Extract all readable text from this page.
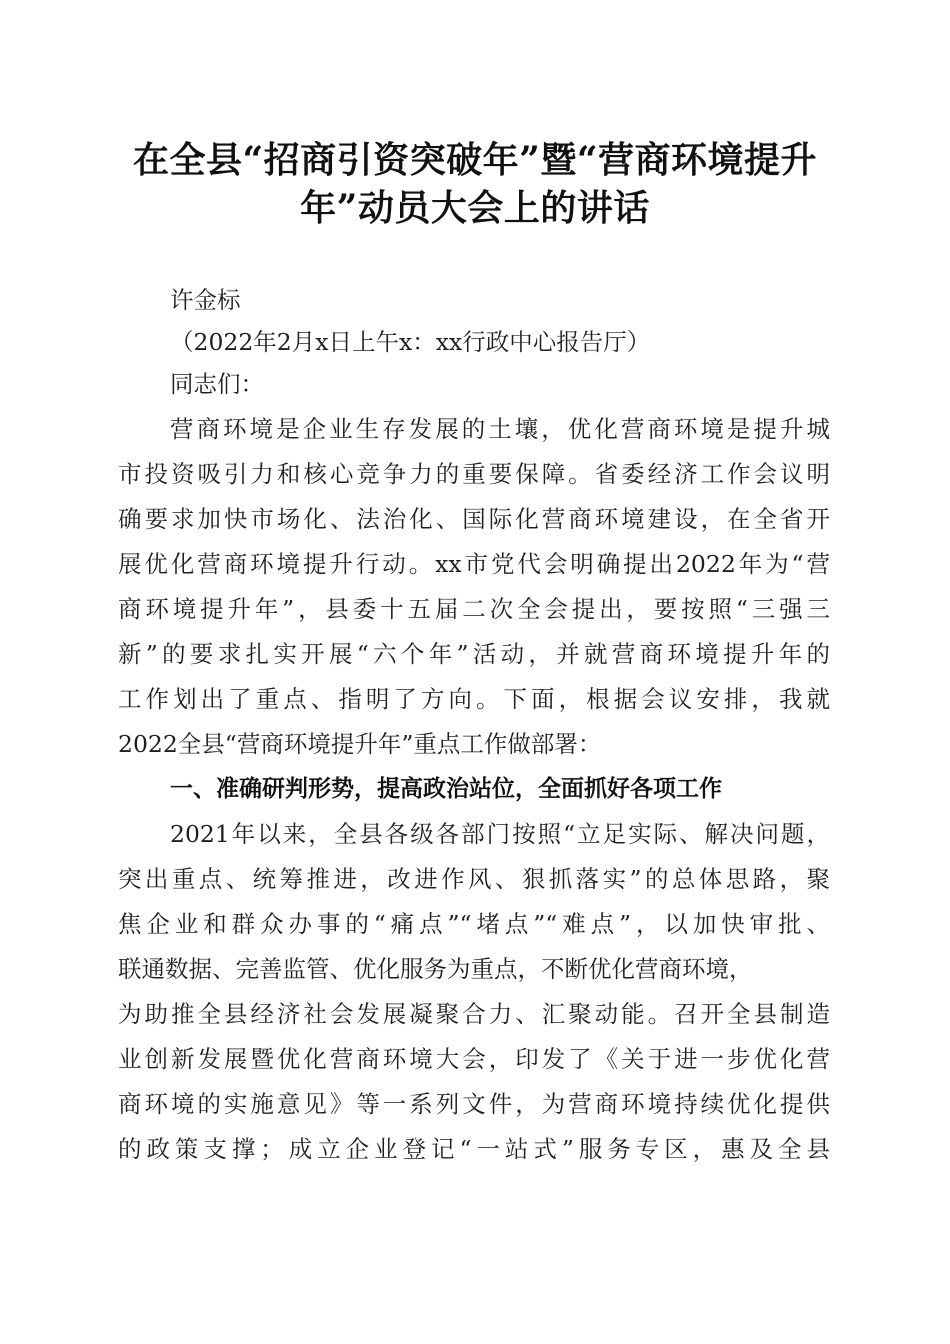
在全县“招商引资突破年”暨“营商环境提升
年”动员大会上的讲话
许金标
（2022年2月x日上午x：xx行政中心报告厅）
同志们：
营商环境是企业生存发展的土壤，优化营商环境是提升城
市投资吸引力和核心竞争力的重要保障。省委经济工作会议明
确要求加快市场化、法治化、国际化营商环境建设，在全省开
展优化营商环境提升行动。xx市党代会明确提出2022年为“营
商环境提升年”，县委十五届二次全会提出，要按照“三强三
新”的要求扎实开展“六个年”活动，并就营商环境提升年的
工作划出了重点、指明了方向。下面，根据会议安排，我就
2022全县“营商环境提升年”重点工作做部署：
一、准确研判形势，提高政治站位，全面抓好各项工作
2021年以来，全县各级各部门按照“立足实际、解决问题，
突出重点、统筹推进，改进作风、狠抓落实”的总体思路，聚
焦企业和群众办事的“痛点”“堵点”“难点”，以加快审批、
联通数据、完善监管、优化服务为重点，不断优化营商环境，
为助推全县经济社会发展凝聚合力、汇聚动能。召开全县制造
业创新发展暨优化营商环境大会，印发了《关于进一步优化营
商环境的实施意见》等一系列文件，为营商环境持续优化提供
的政策支撑；成立企业登记“一站式”服务专区，惠及全县
